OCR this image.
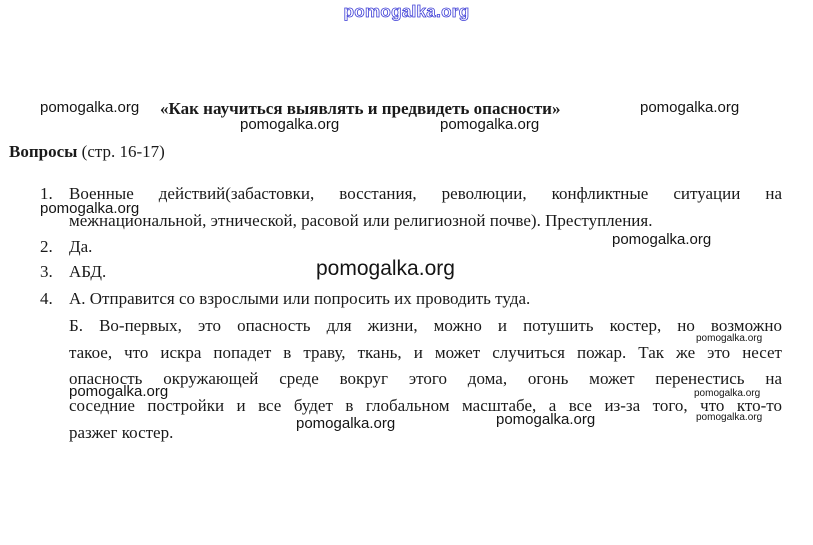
pomogalka.org
«Как научиться выявлять и предвидеть опасности»
Вопросы (стр. 16-17)
1. Военные действий(забастовки, восстания, революции, конфликтные ситуации на
межнациональной, этнической, расовой или религиозной почве). Преступления.
2. Да.
3. АБД.
4. А. Отправится со взрослыми или попросить их проводить туда.
Б. Во-первых, это опасность для жизни, можно и потушить костер, но возможно
такое, что искра попадет в траву, ткань, и может случиться пожар. Так же это несет
опасность окружающей среде вокруг этого дома, огонь может перенестись на
соседние постройки и все будет в глобальном масштабе, а все из-за того, что кто-то
разжег костер.
pomogalka.org	pomogalka.org
pomogalka.org	pomogalka.org
pomogalka.org
pomogalka.org
pomogalka.org
pomogalka.org
pomogalka.org	pomogalka.org
pomogalka.org	pomogalka.org	pomogalka.org
